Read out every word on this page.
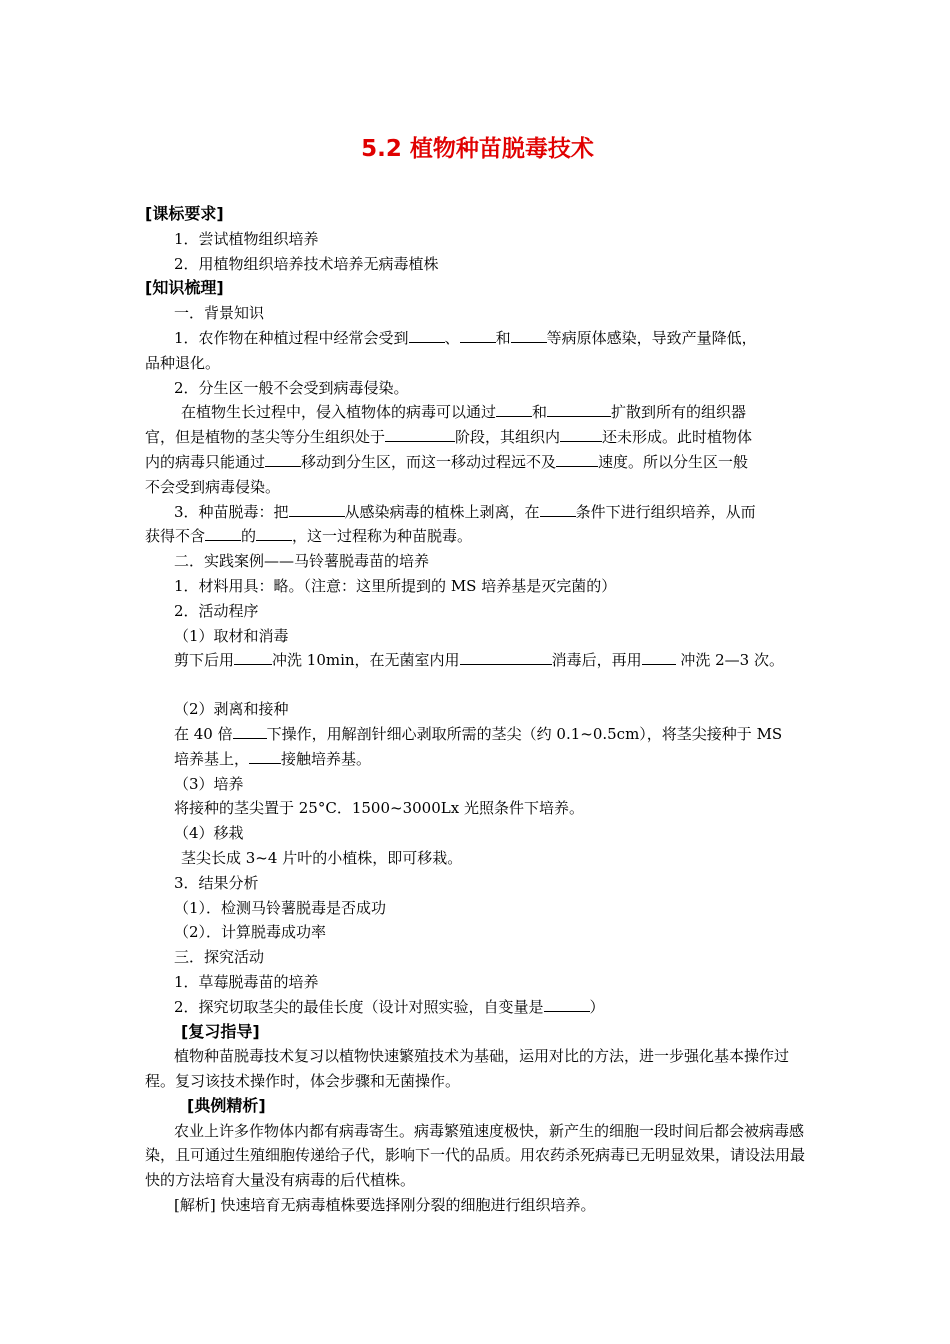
5.2 植物种苗脱毒技术
[课标要求]
1．尝试植物组织培养
2．用植物组织培养技术培养无病毒植株
[知识梳理]
一．背景知识
1．农作物在种植过程中经常会受到 、 和 等病原体感染，导致产量降低，
品种退化。
2．分生区一般不会受到病毒侵染。
在植物生长过程中，侵入植物体的病毒可以通过 和	扩散到所有的组织器
官，但是植物的茎尖等分生组织处于	阶段，其组织内	还未形成。此时植物体
内的病毒只能通过 移动到分生区，而这一移动过程远不及	速度。所以分生区一般
不会受到病毒侵染。
3．种苗脱毒：把	从感染病毒的植株上剥离，在 条件下进行组织培养，从而
获得不含 的 ，这一过程称为种苗脱毒。
二．实践案例——马铃薯脱毒苗的培养
1．材料用具：略。（注意：这里所提到的 MS 培养基是灭完菌的）
2．活动程序
（1）取材和消毒
剪下后用	冲洗 10min，在无菌室内用	消毒后，再用 冲洗 2—3 次。
（2）剥离和接种
在 40 倍 下操作，用解剖针细心剥取所需的茎尖（约 0.1~0.5cm），将茎尖接种于 MS
培养基上， 接触培养基。
（3）培养
将接种的茎尖置于 25°C．1500~3000Lx 光照条件下培养。
（4）移栽
茎尖长成 3~4 片叶的小植株，即可移栽。
3．结果分析
（1）．检测马铃薯脱毒是否成功
（2）．计算脱毒成功率
三．探究活动
1．草莓脱毒苗的培养
2．探究切取茎尖的最佳长度（设计对照实验，自变量是	）
[复习指导]
植物种苗脱毒技术复习以植物快速繁殖技术为基础，运用对比的方法，进一步强化基本操作过程。复习该技术操作时，体会步骤和无菌操作。
[典例精析]
农业上许多作物体内都有病毒寄生。病毒繁殖速度极快，新产生的细胞一段时间后都会被病毒感染，且可通过生殖细胞传递给子代，影响下一代的品质。用农药杀死病毒已无明显效果，请设法用最快的方法培育大量没有病毒的后代植株。
[解析] 快速培育无病毒植株要选择刚分裂的细胞进行组织培养。
